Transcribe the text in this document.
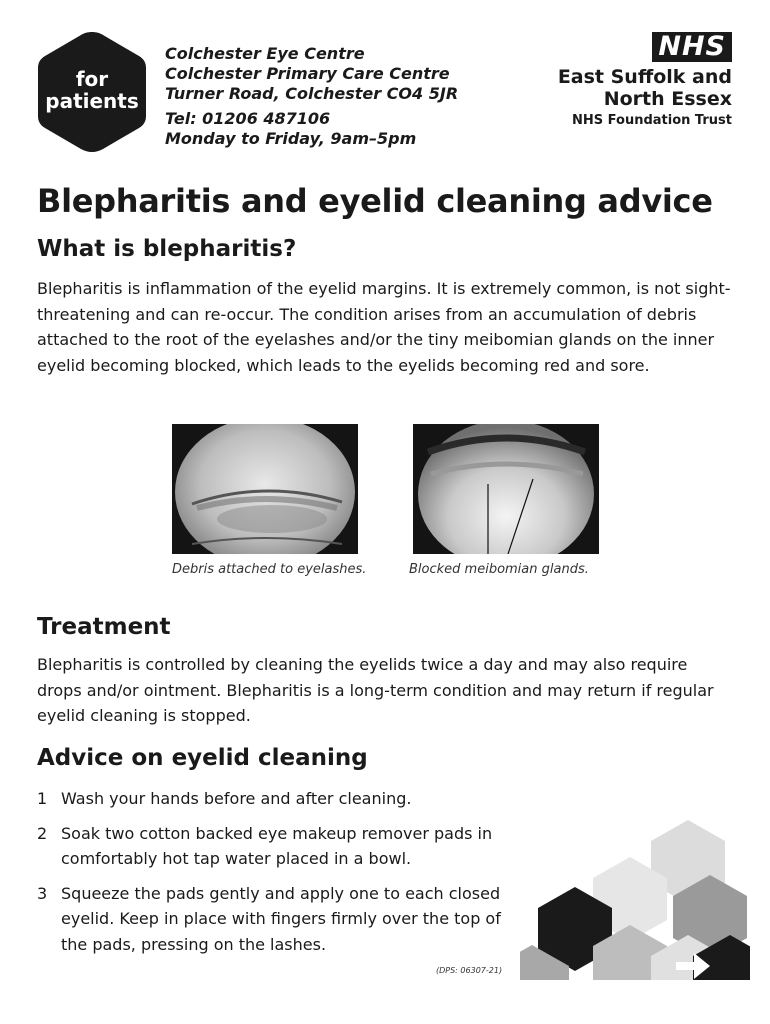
for
patients
Colchester Eye Centre
Colchester Primary Care Centre
Turner Road, Colchester CO4 5JR
Tel: 01206 487106
Monday to Friday, 9am–5pm
NHS
East Suffolk and
North Essex
NHS Foundation Trust
Blepharitis and eyelid cleaning advice
What is blepharitis?

Blepharitis is inflammation of the eyelid margins. It is extremely common, is not sight-threatening and can re-occur. The condition arises from an accumulation of debris attached to the root of the eyelashes and/or the tiny meibomian glands on the inner eyelid becoming blocked, which leads to the eyelids becoming red and sore.

Debris attached to eyelashes.	Blocked meibomian glands.
Treatment

Blepharitis is controlled by cleaning the eyelids twice a day and may also require drops and/or ointment. Blepharitis is a long-term condition and may return if regular eyelid cleaning is stopped.

Advice on eyelid cleaning
1 Wash your hands before and after cleaning.
2 Soak two cotton backed eye makeup remover pads in comfortably hot tap water placed in a bowl.
3 Squeeze the pads gently and apply one to each closed eyelid. Keep in place with fingers firmly over the top of the pads, pressing on the lashes.
(DPS: 06307-21)
